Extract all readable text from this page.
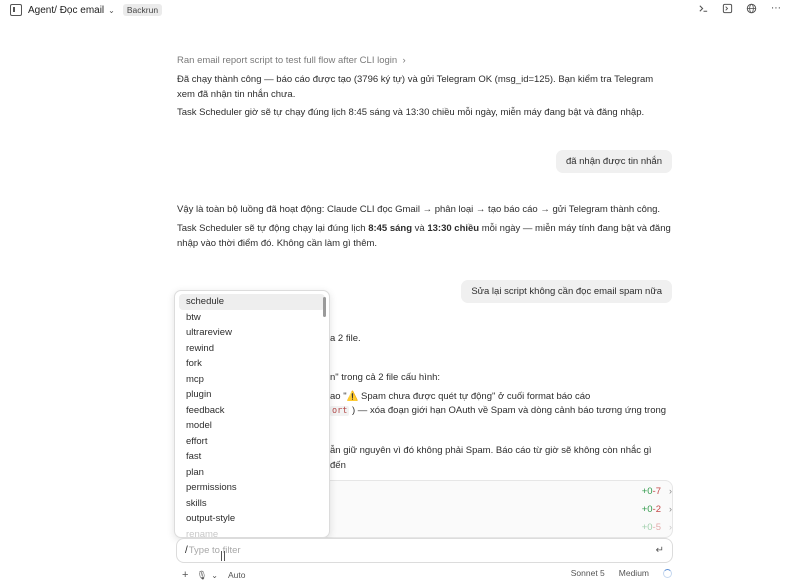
Agent/ Đọc email ⌄	Backrun	⋯
Ran email report script to test full flow after CLI login  ›
Đã chạy thành công — báo cáo được tạo (3796 ký tự) và gửi Telegram OK (msg_id=125). Bạn kiểm tra Telegram xem đã nhận tin nhắn chưa.
Task Scheduler giờ sẽ tự chạy đúng lịch 8:45 sáng và 13:30 chiều mỗi ngày, miễn máy đang bật và đăng nhập.
đã nhận được tin nhắn
Vậy là toàn bộ luồng đã hoạt động: Claude CLI đọc Gmail → phân loại → tạo báo cáo → gửi Telegram thành công.
Task Scheduler sẽ tự động chạy lại đúng lịch 8:45 sáng và 13:30 chiều mỗi ngày — miễn máy tính đang bật và đăng nhập vào thời điểm đó. Không cần làm gì thêm.
Sửa lại script không cần đọc email spam nữa
a 2 file.
n" trong cả 2 file cấu hình:
ao "⚠️ Spam chưa được quét tự động" ở cuối format báo cáo
ort ) — xóa đoạn giới hạn OAuth về Spam và dòng cảnh báo tương ứng trong
ẫn giữ nguyên vì đó không phải Spam. Báo cáo từ giờ sẽ không còn nhắc gì đến
+0 -7 ›
+0 -2 ›
+0 -5 ›
schedule
btw
ultrareview
rewind
fork
mcp
plugin
feedback
model
effort
fast
plan
permissions
skills
output-style
rename
/ Type to filter	↵
+ 🎙 ⌄ Auto	Sonnet 5 Medium
